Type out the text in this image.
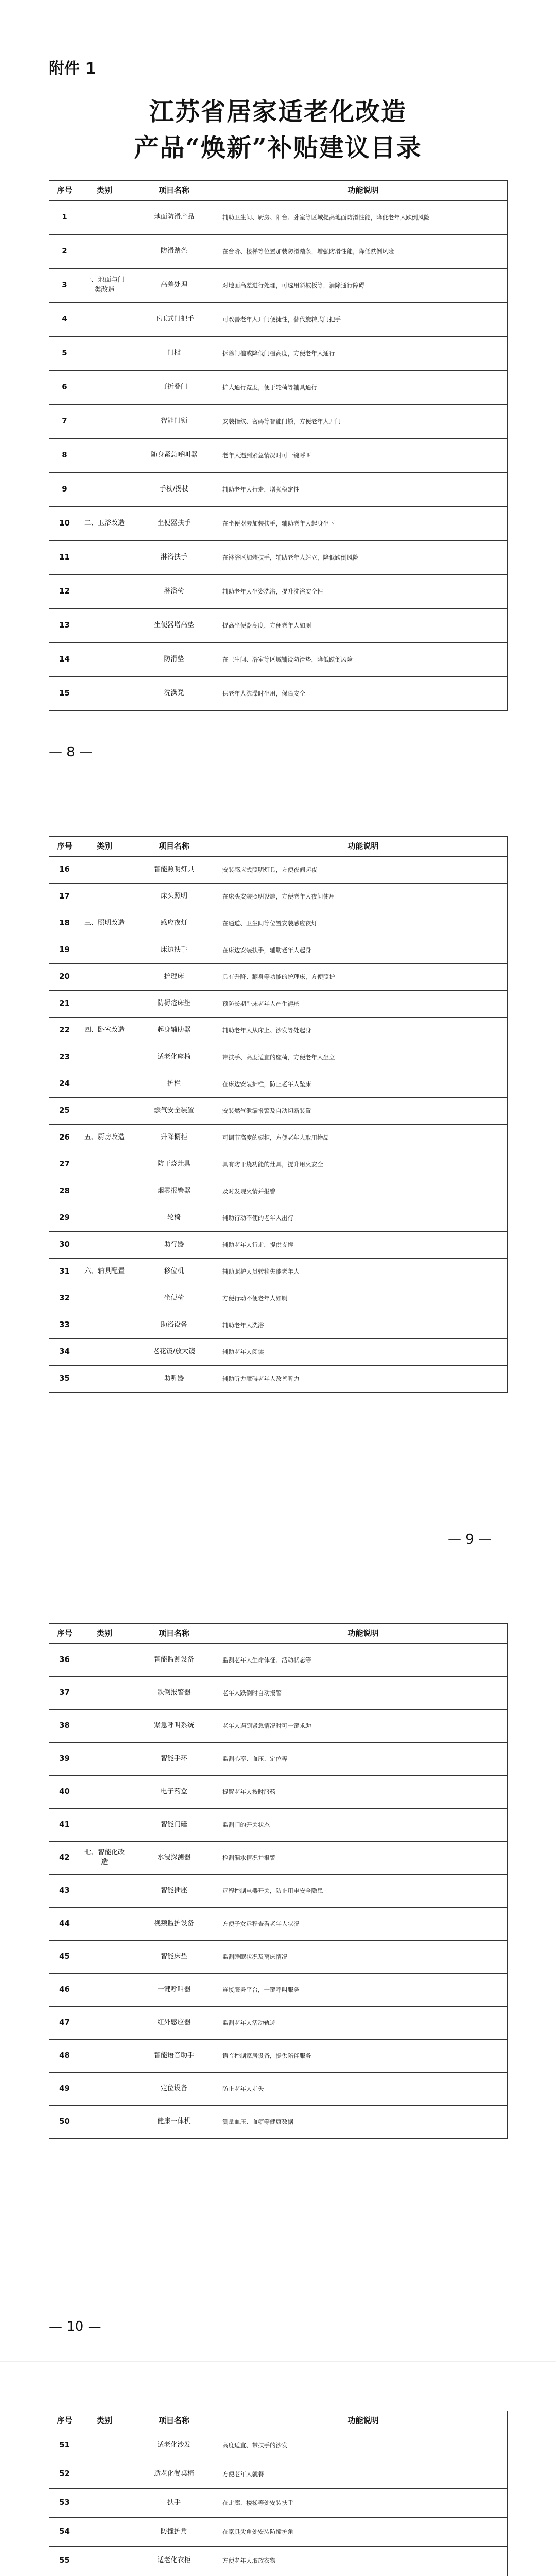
附件 1
江苏省居家适老化改造
产品“焕新”补贴建议目录
序号	类别	项目名称	功能说明
1		地面防滑产品	辅助卫生间、厨房、阳台、卧室等区域提高地面防滑性能，降低老年人跌倒风险
2		防滑踏条	在台阶、楼梯等位置加装防滑踏条，增强防滑性能，降低跌倒风险
3	一、地面与门类改造	高差处理	对地面高差进行处理，可选用斜坡板等，消除通行障碍
4		下压式门把手	可改善老年人开门便捷性，替代旋转式门把手
5		门槛	拆除门槛或降低门槛高度，方便老年人通行
6		可折叠门	扩大通行宽度，便于轮椅等辅具通行
7		智能门锁	安装指纹、密码等智能门锁，方便老年人开门
8		随身紧急呼叫器	老年人遇到紧急情况时可一键呼叫
9		手杖/拐杖	辅助老年人行走，增强稳定性
10	二、卫浴改造	坐便器扶手	在坐便器旁加装扶手，辅助老年人起身坐下
11		淋浴扶手	在淋浴区加装扶手，辅助老年人站立，降低跌倒风险
12		淋浴椅	辅助老年人坐姿洗浴，提升洗浴安全性
13		坐便器增高垫	提高坐便器高度，方便老年人如厕
14		防滑垫	在卫生间、浴室等区域铺设防滑垫，降低跌倒风险
15		洗澡凳	供老年人洗澡时坐用，保障安全
— 8 —
序号	类别	项目名称	功能说明
16		智能照明灯具	安装感应式照明灯具，方便夜间起夜
17		床头照明	在床头安装照明设施，方便老年人夜间使用
18	三、照明改造	感应夜灯	在通道、卫生间等位置安装感应夜灯
19		床边扶手	在床边安装扶手，辅助老年人起身
20		护理床	具有升降、翻身等功能的护理床，方便照护
21		防褥疮床垫	预防长期卧床老年人产生褥疮
22	四、卧室改造	起身辅助器	辅助老年人从床上、沙发等处起身
23		适老化座椅	带扶手、高度适宜的座椅，方便老年人坐立
24		护栏	在床边安装护栏，防止老年人坠床
25		燃气安全装置	安装燃气泄漏报警及自动切断装置
26	五、厨房改造	升降橱柜	可调节高度的橱柜，方便老年人取用物品
27		防干烧灶具	具有防干烧功能的灶具，提升用火安全
28		烟雾报警器	及时发现火情并报警
29		轮椅	辅助行动不便的老年人出行
30		助行器	辅助老年人行走，提供支撑
31	六、辅具配置	移位机	辅助照护人员转移失能老年人
32		坐便椅	方便行动不便老年人如厕
33		助浴设备	辅助老年人洗浴
34		老花镜/放大镜	辅助老年人阅读
35		助听器	辅助听力障碍老年人改善听力
— 9 —
序号	类别	项目名称	功能说明
36		智能监测设备	监测老年人生命体征、活动状态等
37		跌倒报警器	老年人跌倒时自动报警
38		紧急呼叫系统	老年人遇到紧急情况时可一键求助
39		智能手环	监测心率、血压、定位等
40		电子药盒	提醒老年人按时服药
41		智能门磁	监测门的开关状态
42	七、智能化改造	水浸探测器	检测漏水情况并报警
43		智能插座	远程控制电器开关，防止用电安全隐患
44		视频监护设备	方便子女远程查看老年人状况
45		智能床垫	监测睡眠状况及离床情况
46		一键呼叫器	连接服务平台，一键呼叫服务
47		红外感应器	监测老年人活动轨迹
48		智能语音助手	语音控制家居设备，提供陪伴服务
49		定位设备	防止老年人走失
50		健康一体机	测量血压、血糖等健康数据
— 10 —
序号	类别	项目名称	功能说明
51		适老化沙发	高度适宜、带扶手的沙发
52		适老化餐桌椅	方便老年人就餐
53		扶手	在走廊、楼梯等处安装扶手
54		防撞护角	在家具尖角处安装防撞护角
55		适老化衣柜	方便老年人取放衣物
